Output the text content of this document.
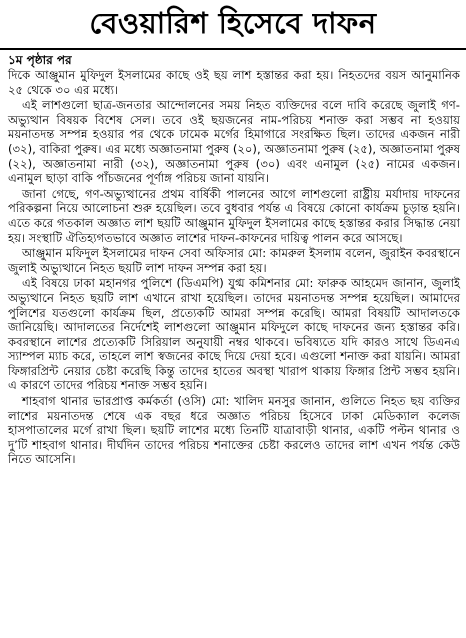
বেওয়ারিশ হিসেবে দাফন

১ম পৃষ্ঠার পর

দিকে আঞ্জুমান মুফিদুল ইসলামের কাছে ওই ছয় লাশ হস্তান্তর করা হয়। নিহতদের বয়স আনুমানিক ২৫ থেকে ৩০ এর মধ্যে।

এই লাশগুলো ছাত্র-জনতার আন্দোলনের সময় নিহত ব্যক্তিদের বলে দাবি করেছে জুলাই গণ-অভ্যুত্থান বিষয়ক বিশেষ সেল। তবে ওই ছয়জনের নাম-পরিচয় শনাক্ত করা সম্ভব না হওয়ায় ময়নাতদন্ত সম্পন্ন হওয়ার পর থেকে ঢামেক মর্গের হিমাগারে সংরক্ষিত ছিল। তাদের একজন নারী (৩২), বাকিরা পুরুষ। এর মধ্যে অজ্ঞাতনামা পুরুষ (২০), অজ্ঞাতনামা পুরুষ (২৫), অজ্ঞাতনামা পুরুষ (২২), অজ্ঞাতনামা নারী (৩২), অজ্ঞাতনামা পুরুষ (৩০) এবং এনামুল (২৫) নামের একজন। এনামুল ছাড়া বাকি পাঁচজনের পূর্ণাঙ্গ পরিচয় জানা যায়নি।

জানা গেছে, গণ-অভ্যুত্থানের প্রথম বার্ষিকী পালনের আগে লাশগুলো রাষ্ট্রীয় মর্যাদায় দাফনের পরিকল্পনা নিয়ে আলোচনা শুরু হয়েছিল। তবে বুধবার পর্যন্ত এ বিষয়ে কোনো কার্যক্রম চূড়ান্ত হয়নি। এতে করে গতকাল অজ্ঞাত লাশ ছয়টি আঞ্জুমান মুফিদুল ইসলামের কাছে হস্তান্তর করার সিদ্ধান্ত নেয়া হয়। সংস্থাটি ঐতিহ্যগতভাবে অজ্ঞাত লাশের দাফন-কাফনের দায়িত্ব পালন করে আসছে।

আঞ্জুমান মফিদুল ইসলামের দাফন সেবা অফিসার মো: কামরুল ইসলাম বলেন, জুরাইন কবরস্থানে জুলাই অভ্যুত্থানে নিহত ছয়টি লাশ দাফন সম্পন্ন করা হয়।

এই বিষয়ে ঢাকা মহানগর পুলিশে (ডিএমপি) যুগ্ম কমিশনার মো: ফারুক আহমেদ জানান, জুলাই অভ্যুত্থানে নিহত ছয়টি লাশ এখানে রাখা হয়েছিল। তাদের ময়নাতদন্ত সম্পন্ন হয়েছিল। আমাদের পুলিশের যতগুলো কার্যক্রম ছিল, প্রত্যেকটি আমরা সম্পন্ন করেছি। আমরা বিষয়টি আদালতকে জানিয়েছি। আদালতের নির্দেশেই লাশগুলো আঞ্জুমান মফিদুলে কাছে দাফনের জন্য হস্তান্তর করি। কবরস্থানে লাশের প্রত্যেকটি সিরিয়াল অনুযায়ী নম্বর থাকবে। ভবিষ্যতে যদি কারও সাথে ডিএনএ স্যাম্পল ম্যাচ করে, তাহলে লাশ স্বজনের কাছে দিয়ে দেয়া হবে। এগুলো শনাক্ত করা যায়নি। আমরা ফিঙ্গারপ্রিন্ট নেয়ার চেষ্টা করেছি কিন্তু তাদের হাতের অবস্থা খারাপ থাকায় ফিঙ্গার প্রিন্ট সম্ভব হয়নি। এ কারণে তাদের পরিচয় শনাক্ত সম্ভব হয়নি।

শাহবাগ থানার ভারপ্রাপ্ত কর্মকর্তা (ওসি) মো: খালিদ মনসুর জানান, গুলিতে নিহত ছয় ব্যক্তির লাশের ময়নাতদন্ত শেষে এক বছর ধরে অজ্ঞাত পরিচয় হিসেবে ঢাকা মেডিক্যাল কলেজ হাসপাতালের মর্গে রাখা ছিল। ছয়টি লাশের মধ্যে তিনটি যাত্রাবাড়ী থানার, একটি পল্টন থানার ও দু’টি শাহবাগ থানার। দীর্ঘদিন তাদের পরিচয় শনাক্তের চেষ্টা করলেও তাদের লাশ এখন পর্যন্ত কেউ নিতে আসেনি।
